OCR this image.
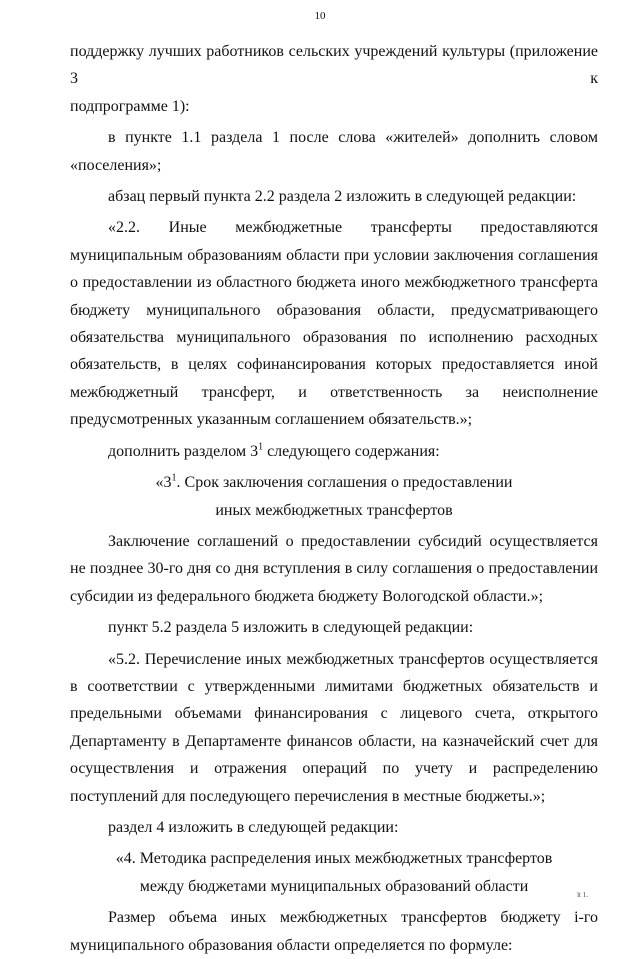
10

поддержку лучших работников сельских учреждений культуры (приложение 3 к

подпрограмме 1):

в пункте 1.1 раздела 1 после слова «жителей» дополнить словом

«поселения»;

абзац первый пункта 2.2 раздела 2 изложить в следующей редакции:

«2.2. Иные межбюджетные трансферты предоставляются муниципальным образованиям области при условии заключения соглашения о предоставлении из областного бюджета иного межбюджетного трансферта бюджету муниципального образования области, предусматривающего обязательства муниципального образования по исполнению расходных обязательств, в целях софинансирования которых предоставляется иной межбюджетный трансферт, и ответственность за неисполнение предусмотренных указанным соглашением обязательств.»;

дополнить разделом $3^1$ следующего содержания:

«$3^1$. Срок заключения соглашения о предоставлении

иных межбюджетных трансфертов

Заключение соглашений о предоставлении субсидий осуществляется не позднее 30-го дня со дня вступления в силу соглашения о предоставлении субсидии из федерального бюджета бюджету Вологодской области.»;

пункт 5.2 раздела 5 изложить в следующей редакции:

«5.2. Перечисление иных межбюджетных трансфертов осуществляется в соответствии с утвержденными лимитами бюджетных обязательств и предельными объемами финансирования с лицевого счета, открытого Департаменту в Департаменте финансов области, на казначейский счет для осуществления и отражения операций по учету и распределению поступлений для последующего перечисления в местные бюджеты.»;

раздел 4 изложить в следующей редакции:

«4. Методика распределения иных межбюджетных трансфертов

между бюджетами муниципальных образований области

Размер объема иных межбюджетных трансфертов бюджету i-го муниципального образования области определяется по формуле:

lt 1.
